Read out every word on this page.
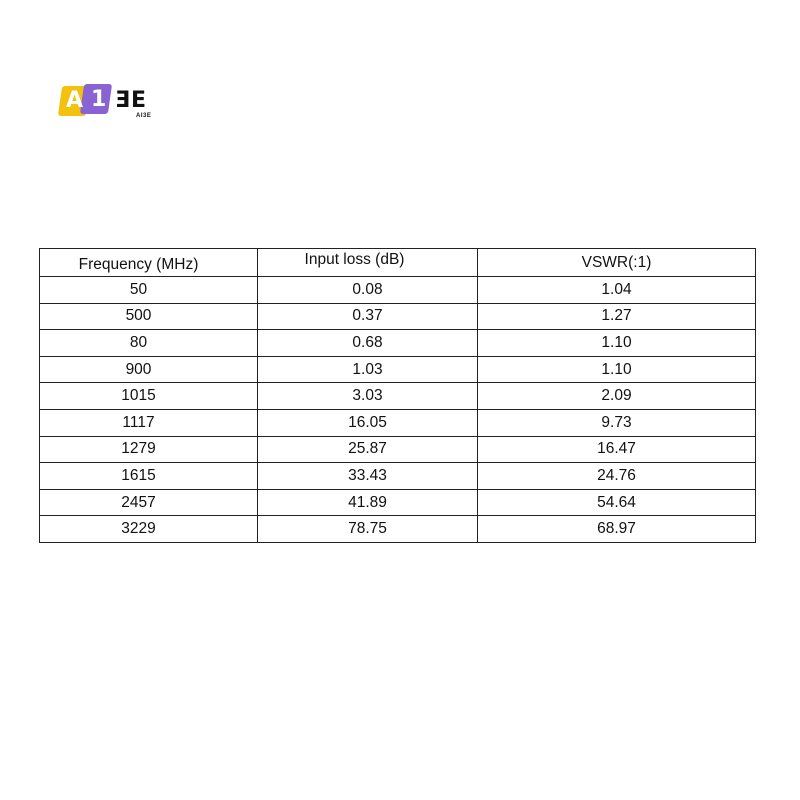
A 1 ƎE
AI3E
Frequency (MHz)	Input loss (dB)	VSWR(:1)
50	0.08	1.04
500	0.37	1.27
80	0.68	1.10
900	1.03	1.10
1015	3.03	2.09
1117	16.05	9.73
1279	25.87	16.47
1615	33.43	24.76
2457	41.89	54.64
3229	78.75	68.97
